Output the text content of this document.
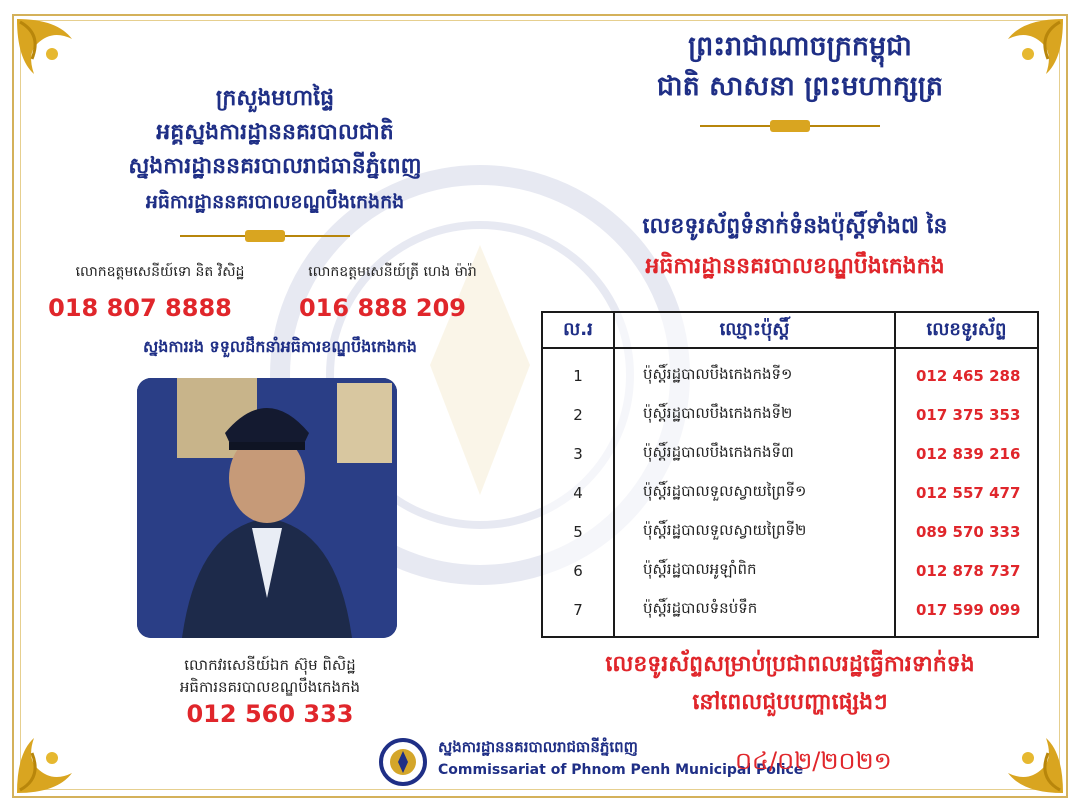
ព្រះរាជាណាចក្រកម្ពុជា
ជាតិ សាសនា ព្រះមហាក្សត្រ
ក្រសួងមហាផ្ទៃ
អគ្គស្នងការដ្ឋាននគរបាលជាតិ
ស្នងការដ្ឋាននគរបាលរាជធានីភ្នំពេញ
អធិការដ្ឋាននគរបាលខណ្ឌបឹងកេងកង
លោកឧត្តមសេនីយ៍ទោ និត វិសិដ្ឋ
018 807 8888
លោកឧត្តមសេនីយ៍ត្រី ហេង ម៉ារ៉ា
016 888 209
ស្នងការរង ទទួលដឹកនាំអធិការខណ្ឌបឹងកេងកង
លោកវរសេនីយ៍ឯក ស៊ុម ពិសិដ្ឋ
អធិការនគរបាលខណ្ឌបឹងកេងកង
012 560 333
លេខទូរស័ព្ទទំនាក់ទំនងប៉ុស្តិ៍ទាំង៧ នៃ
អធិការដ្ឋាននគរបាលខណ្ឌបឹងកេងកង
ល.រ	ឈ្មោះប៉ុស្តិ៍	លេខទូរស័ព្ទ
1	ប៉ុស្តិ៍រដ្ឋបាលបឹងកេងកងទី១	012 465 288
2	ប៉ុស្តិ៍រដ្ឋបាលបឹងកេងកងទី២	017 375 353
3	ប៉ុស្តិ៍រដ្ឋបាលបឹងកេងកងទី៣	012 839 216
4	ប៉ុស្តិ៍រដ្ឋបាលទួលស្វាយព្រៃទី១	012 557 477
5	ប៉ុស្តិ៍រដ្ឋបាលទួលស្វាយព្រៃទី២	089 570 333
6	ប៉ុស្តិ៍រដ្ឋបាលអូឡាំពិក	012 878 737
7	ប៉ុស្តិ៍រដ្ឋបាលទំនប់ទឹក	017 599 099
លេខទូរស័ព្ទសម្រាប់ប្រជាពលរដ្ឋធ្វើការទាក់ទង
នៅពេលជួបបញ្ហាផ្សេងៗ
ស្នងការដ្ឋាននគរបាលរាជធានីភ្នំពេញ
Commissariat of Phnom Penh Municipal Police
០៤/០២/២០២១
